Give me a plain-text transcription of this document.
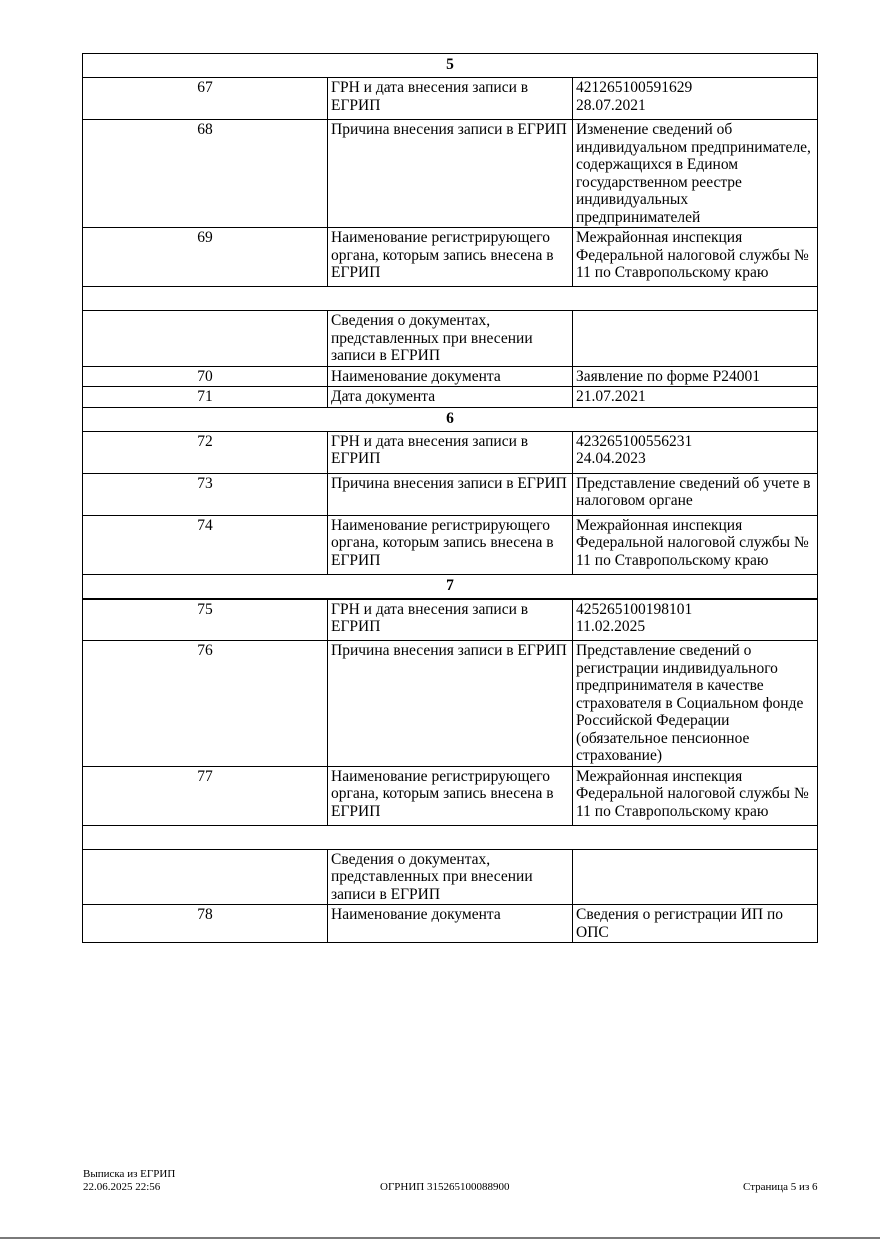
5		
67	ГРН и дата внесения записи в ЕГРИП	421265100591629
28.07.2021

68	Причина внесения записи в ЕГРИП	Изменение сведений об индивидуальном предпринимателе, содержащихся в Едином государственном реестре индивидуальных предпринимателей
69	Наименование регистрирующего органа, которым запись внесена в ЕГРИП	Межрайонная инспекция Федеральной налоговой службы № 11 по Ставропольскому краю

	Сведения о документах, представленных при внесении записи в ЕГРИП	
70	Наименование документа	Заявление по форме Р24001
71	Дата документа	21.07.2021
6		
72	ГРН и дата внесения записи в ЕГРИП	423265100556231
24.04.2023

73	Причина внесения записи в ЕГРИП	Представление сведений об учете в налоговом органе
74	Наименование регистрирующего органа, которым запись внесена в ЕГРИП	Межрайонная инспекция Федеральной налоговой службы № 11 по Ставропольскому краю
7		
75	ГРН и дата внесения записи в ЕГРИП	425265100198101
11.02.2025

76	Причина внесения записи в ЕГРИП	Представление сведений о регистрации индивидуального предпринимателя в качестве страхователя в Социальном фонде Российской Федерации (обязательное пенсионное страхование)
77	Наименование регистрирующего органа, которым запись внесена в ЕГРИП	Межрайонная инспекция Федеральной налоговой службы № 11 по Ставропольскому краю

	Сведения о документах, представленных при внесении записи в ЕГРИП	
78	Наименование документа	Сведения о регистрации ИП по ОПС
Выписка из ЕГРИП
22.06.2025 22:56	ОГРНИП 315265100088900	Страница 5 из 6
